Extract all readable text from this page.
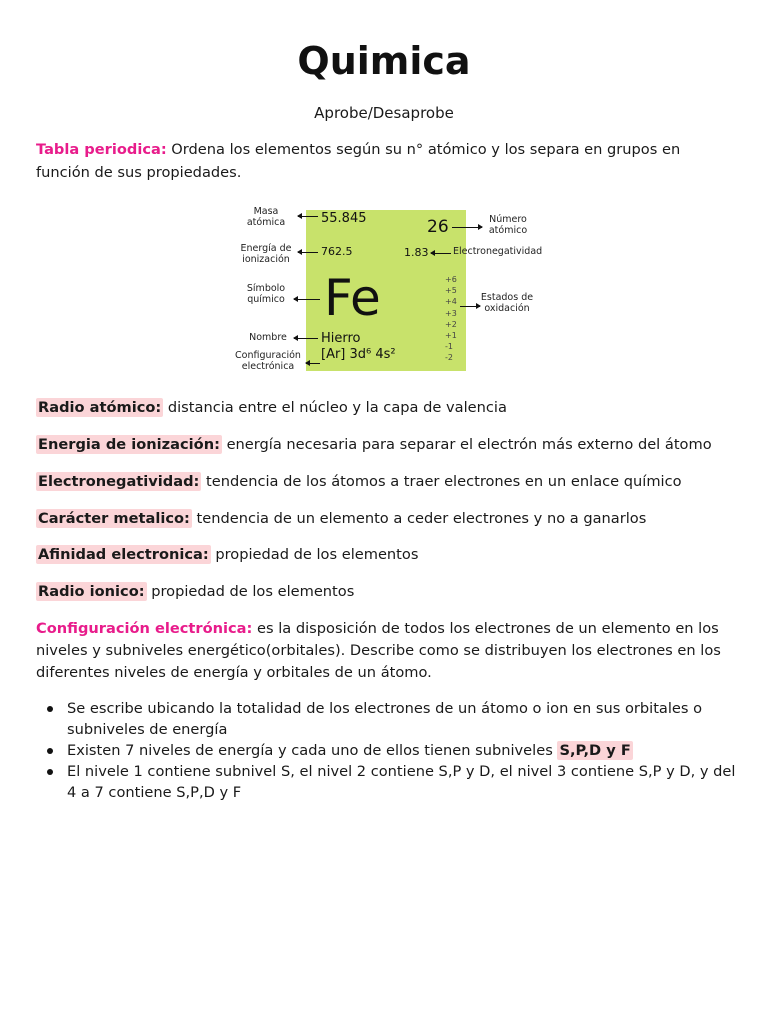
Quimica
Aprobe/Desaprobe

Tabla periodica: Ordena los elementos según su n° atómico y los separa en grupos en función de sus propiedades.

55.845	26
762.5	1.83
Fe
Hierro
[Ar] 3d⁶ 4s²
+6
+5
+4
+3
+2
+1
-1
-2
Masa
atómica
Energía de
ionización
Símbolo
químico
Nombre
Configuración
electrónica
Número
atómico
Electronegatividad
Estados de
oxidación

Radio atómico: distancia entre el núcleo y la capa de valencia

Energia de ionización: energía necesaria para separar el electrón más externo del átomo

Electronegatividad: tendencia de los átomos a traer electrones en un enlace químico

Carácter metalico: tendencia de un elemento a ceder electrones y no a ganarlos

Afinidad electronica: propiedad de los elementos

Radio ionico: propiedad de los elementos

Configuración electrónica: es la disposición de todos los electrones de un elemento en los niveles y subniveles energético(orbitales). Describe como se distribuyen los electrones en los diferentes niveles de energía y orbitales de un átomo.

Se escribe ubicando la totalidad de los electrones de un átomo o ion en sus orbitales o subniveles de energía
Existen 7 niveles de energía y cada uno de ellos tienen subniveles S,P,D y F
El nivele 1 contiene subnivel S, el nivel 2 contiene S,P y D, el nivel 3 contiene S,P y D, y del 4 a 7 contiene S,P,D y F
